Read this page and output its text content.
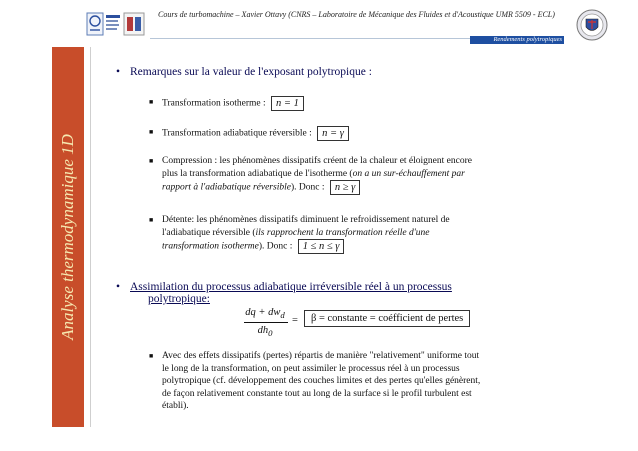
Cours de turbomachine – Xavier Ottavy (CNRS – Laboratoire de Mécanique des Fluides et d'Acoustique UMR 5509 - ECL)
Rendements polytropiques
Analyse thermodynamique 1D
• Remarques sur la valeur de l'exposant polytropique :
■ Transformation isotherme : n = 1
■ Transformation adiabatique réversible : n = γ
■ Compression : les phénomènes dissipatifs créent de la chaleur et éloignent encore
plus la transformation adiabatique de l'isotherme (on a un sur-échauffement par
rapport à l'adiabatique réversible). Donc : n ≥ γ
■ Détente: les phénomènes dissipatifs diminuent le refroidissement naturel de
l'adiabatique réversible (ils rapprochent la transformation réelle d'une
transformation isotherme). Donc : 1 ≤ n ≤ γ
• Assimilation du processus adiabatique irréversible réel à un processus
polytropique:
dq + $dw_d$
$dh_0$
=	β = constante = coéfficient de pertes
■ Avec des effets dissipatifs (pertes) répartis de manière "relativement" uniforme tout
le long de la transformation, on peut assimiler le processus réel à un processus
polytropique (cf. développement des couches limites et des pertes qu'elles génèrent,
de façon relativement constante tout au long de la surface si le profil turbulent est
établi).
